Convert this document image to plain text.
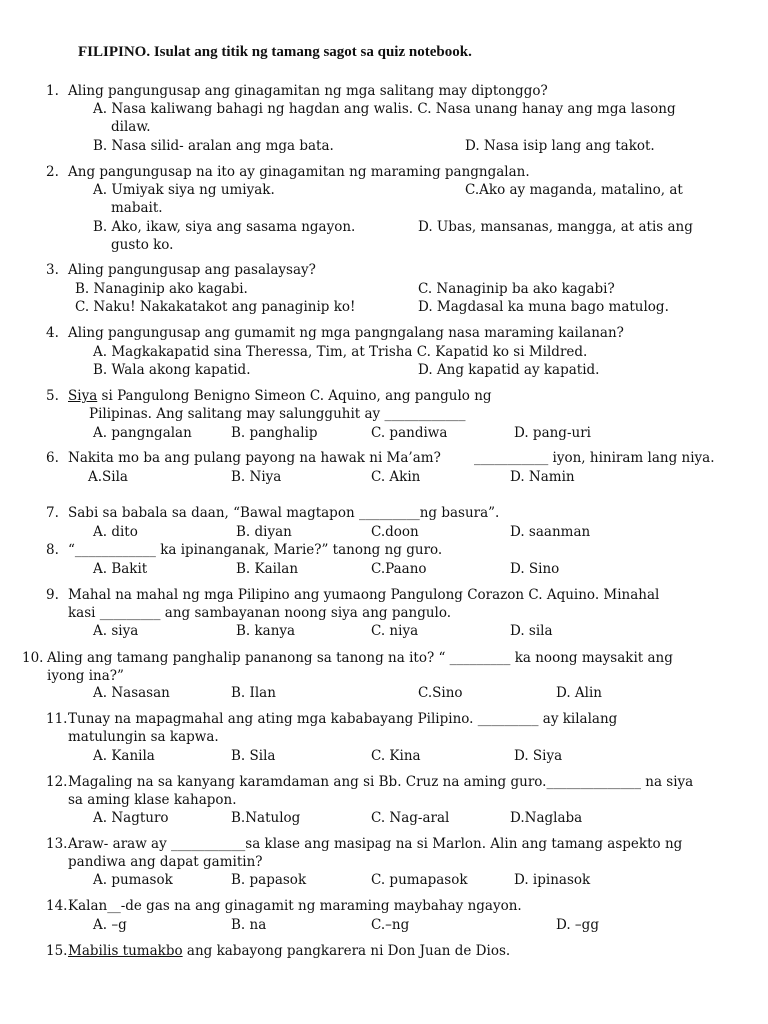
FILIPINO. Isulat ang titik ng tamang sagot sa quiz notebook.
1. Aling pangungusap ang ginagamitan ng mga salitang may diptonggo?
A. Nasa kaliwang bahagi ng hagdan ang walis. C. Nasa unang hanay ang mga lasong
dilaw.
B. Nasa silid- aralan ang mga bata.	D. Nasa isip lang ang takot.
2. Ang pangungusap na ito ay ginagamitan ng maraming pangngalan.
A. Umiyak siya ng umiyak.	C.Ako ay maganda, matalino, at
mabait.
B. Ako, ikaw, siya ang sasama ngayon.	D. Ubas, mansanas, mangga, at atis ang
gusto ko.
3. Aling pangungusap ang pasalaysay?
B. Nanaginip ako kagabi.	C. Nanaginip ba ako kagabi?
C. Naku! Nakakatakot ang panaginip ko!	D. Magdasal ka muna bago matulog.
4. Aling pangungusap ang gumamit ng mga pangngalang nasa maraming kailanan?
A. Magkakapatid sina Theressa, Tim, at Trisha C. Kapatid ko si Mildred.
B. Wala akong kapatid.	D. Ang kapatid ay kapatid.
5. Siya si Pangulong Benigno Simeon C. Aquino, ang pangulo ng
Pilipinas. Ang salitang may salungguhit ay ____________
A. pangngalan	B. panghalip	C. pandiwa	D. pang-uri
6. Nakita mo ba ang pulang payong na hawak ni Ma’am? ___________ iyon, hiniram lang niya.
A.Sila	B. Niya	C. Akin	D. Namin
7. Sabi sa babala sa daan, “Bawal magtapon _________ng basura”.
A. dito	B. diyan	C.doon	D. saanman
8. “____________ ka ipinanganak, Marie?” tanong ng guro.
A. Bakit	B. Kailan	C.Paano	D. Sino
9. Mahal na mahal ng mga Pilipino ang yumaong Pangulong Corazon C. Aquino. Minahal
kasi _________ ang sambayanan noong siya ang pangulo.
A. siya	B. kanya	C. niya	D. sila
10. Aling ang tamang panghalip pananong sa tanong na ito? “ _________ ka noong maysakit ang
iyong ina?”
A. Nasasan	B. Ilan	C.Sino	D. Alin
11. Tunay na mapagmahal ang ating mga kababayang Pilipino. _________ ay kilalang
matulungin sa kapwa.
A. Kanila	B. Sila	C. Kina	D. Siya
12. Magaling na sa kanyang karamdaman ang si Bb. Cruz na aming guro.______________ na siya
sa aming klase kahapon.
A. Nagturo	B.Natulog	C. Nag-aral	D.Naglaba
13. Araw- araw ay ___________sa klase ang masipag na si Marlon. Alin ang tamang aspekto ng
pandiwa ang dapat gamitin?
A. pumasok	B. papasok	C. pumapasok	D. ipinasok
14. Kalan__-de gas na ang ginagamit ng maraming maybahay ngayon.
A. –g	B. na	C.–ng	D. –gg
15. Mabilis tumakbo ang kabayong pangkarera ni Don Juan de Dios.
